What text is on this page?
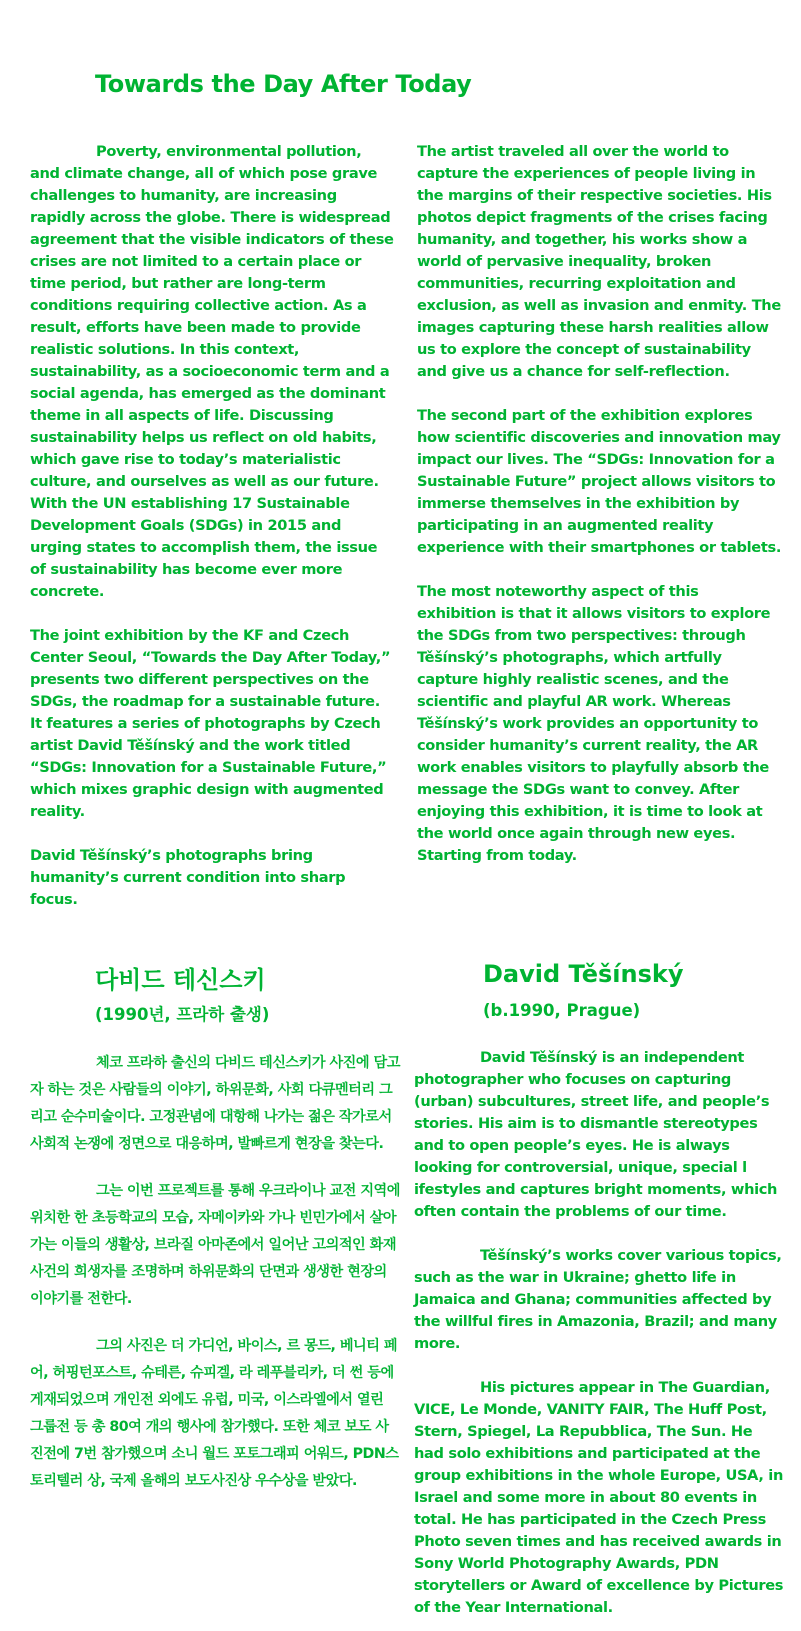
Towards the Day After Today

Poverty, environmental pollution, and climate change, all of which pose grave challenges to humanity, are increasing rapidly across the globe. There is widespread agreement that the visible indicators of these crises are not limited to a certain place or time period, but rather are long-term conditions requiring collective action. As a result, efforts have been made to provide realistic solutions. In this context, sustainability, as a socioeconomic term and a social agenda, has emerged as the dominant theme in all aspects of life. Discussing sustainability helps us reflect on old habits, which gave rise to today’s materialistic culture, and ourselves as well as our future. With the UN establishing 17 Sustainable Development Goals (SDGs) in 2015 and urging states to accomplish them, the issue of sustainability has become ever more concrete.

The joint exhibition by the KF and Czech Center Seoul, “Towards the Day After Today,” presents two different perspectives on the SDGs, the roadmap for a sustainable future. It features a series of photographs by Czech artist David Těšínský and the work titled “SDGs: Innovation for a Sustainable Future,” which mixes graphic design with augmented reality.

David Těšínský’s photographs bring humanity’s current condition into sharp focus.

The artist traveled all over the world to capture the experiences of people living in the margins of their respective societies. His photos depict fragments of the crises facing humanity, and together, his works show a world of pervasive inequality, broken communities, recurring exploitation and exclusion, as well as invasion and enmity. The images capturing these harsh realities allow us to explore the concept of sustainability and give us a chance for self-reflection.

The second part of the exhibition explores how scientific discoveries and innovation may impact our lives. The “SDGs: Innovation for a Sustainable Future” project allows visitors to immerse themselves in the exhibition by participating in an augmented reality experience with their smartphones or tablets.

The most noteworthy aspect of this exhibition is that it allows visitors to explore the SDGs from two perspectives: through Těšínský’s photographs, which artfully capture highly realistic scenes, and the scientific and playful AR work. Whereas Těšínský’s work provides an opportunity to consider humanity’s current reality, the AR work enables visitors to playfully absorb the message the SDGs want to convey. After enjoying this exhibition, it is time to look at the world once again through new eyes. Starting from today.

다비드 테신스키
(1990년, 프라하 출생)

체코 프라하 출신의 다비드 테신스키가 사진에 담고자 하는 것은 사람들의 이야기, 하위문화, 사회 다큐멘터리 그리고 순수미술이다. 고정관념에 대항해 나가는 젊은 작가로서 사회적 논쟁에 정면으로 대응하며, 발빠르게 현장을 찾는다.

그는 이번 프로젝트를 통해 우크라이나 교전 지역에 위치한 한 초등학교의 모습, 자메이카와 가나 빈민가에서 살아가는 이들의 생활상, 브라질 아마존에서 일어난 고의적인 화재사건의 희생자를 조명하며 하위문화의 단면과 생생한 현장의 이야기를 전한다.

그의 사진은 더 가디언, 바이스, 르 몽드, 베니티 페어, 허핑턴포스트, 슈테른, 슈피겔, 라 레푸블리카, 더 썬 등에 게재되었으며 개인전 외에도 유럽, 미국, 이스라엘에서 열린 그룹전 등 총 80여 개의 행사에 참가했다. 또한 체코 보도 사진전에 7번 참가했으며 소니 월드 포토그래피 어워드, PDN스토리텔러 상, 국제 올해의 보도사진상 우수상을 받았다.

David Těšínský
(b.1990, Prague)

David Těšínský is an independent photographer who focuses on capturing (urban) subcultures, street life, and people’s stories. His aim is to dismantle stereotypes and to open people’s eyes. He is always looking for controversial, unique, special l ifestyles and captures bright moments, which often contain the problems of our time.

Těšínský’s works cover various topics, such as the war in Ukraine; ghetto life in Jamaica and Ghana; communities affected by the willful fires in Amazonia, Brazil; and many more.

His pictures appear in The Guardian, VICE, Le Monde, VANITY FAIR, The Huff Post, Stern, Spiegel, La Repubblica, The Sun. He had solo exhibitions and participated at the group exhibitions in the whole Europe, USA, in Israel and some more in about 80 events in total. He has participated in the Czech Press Photo seven times and has received awards in Sony World Photography Awards, PDN storytellers or Award of excellence by Pictures of the Year International.
